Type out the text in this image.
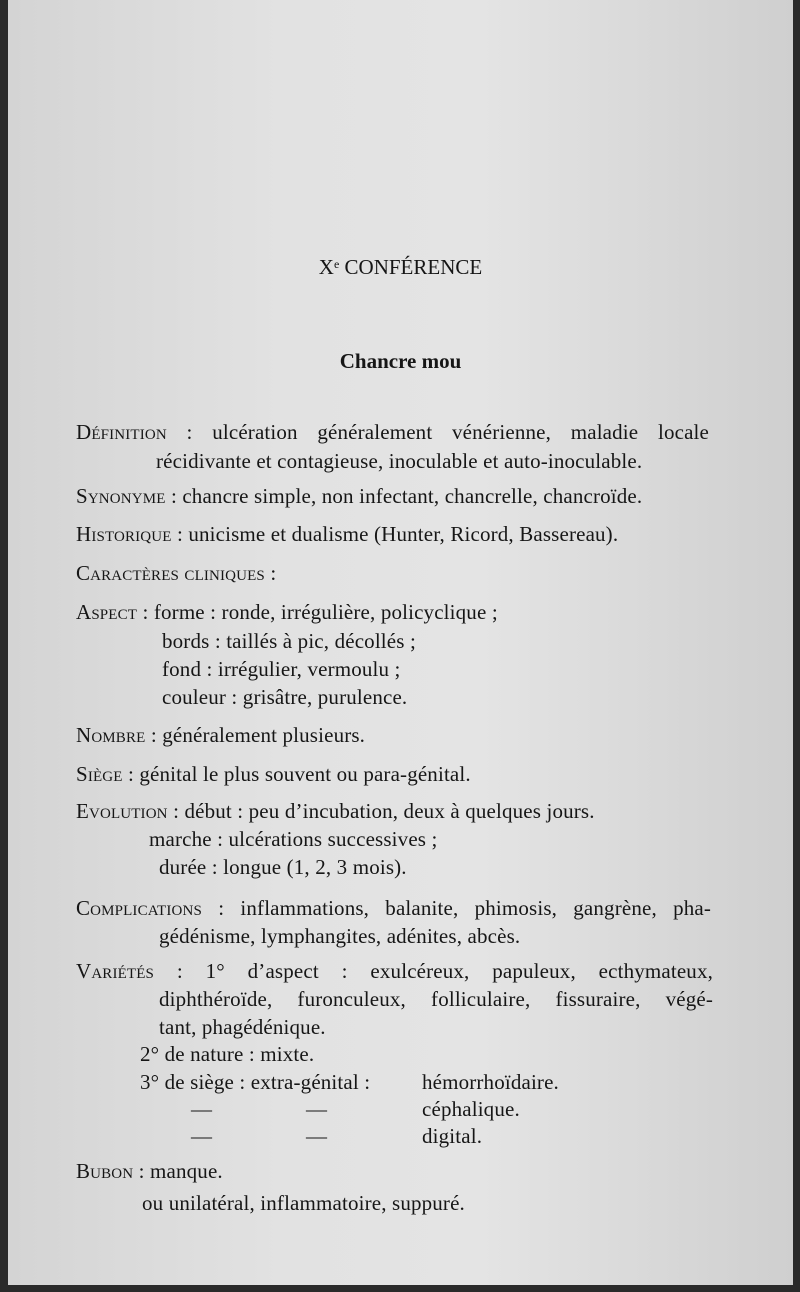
Xe CONFÉRENCE
Chancre mou
Définition : ulcération généralement vénérienne, maladie locale
récidivante et contagieuse, inoculable et auto-inoculable.
Synonyme : chancre simple, non infectant, chancrelle, chancroïde.
Historique : unicisme et dualisme (Hunter, Ricord, Bassereau).
Caractères cliniques :
Aspect : forme : ronde, irrégulière, policyclique ;
bords : taillés à pic, décollés ;
fond : irrégulier, vermoulu ;
couleur : grisâtre, purulence.
Nombre : généralement plusieurs.
Siège : génital le plus souvent ou para-génital.
Evolution : début : peu d’incubation, deux à quelques jours.
marche : ulcérations successives ;
durée : longue (1, 2, 3 mois).
Complications : inflammations, balanite, phimosis, gangrène, pha-
gédénisme, lymphangites, adénites, abcès.
Variétés : 1° d’aspect : exulcéreux, papuleux, ecthymateux,
diphthéroïde, furonculeux, folliculaire, fissuraire, végé-
tant, phagédénique.
2° de nature : mixte.
3° de siège : extra-génital : hémorrhoïdaire.
—	—	céphalique.
—	—	digital.
Bubon : manque.
ou unilatéral, inflammatoire, suppuré.
